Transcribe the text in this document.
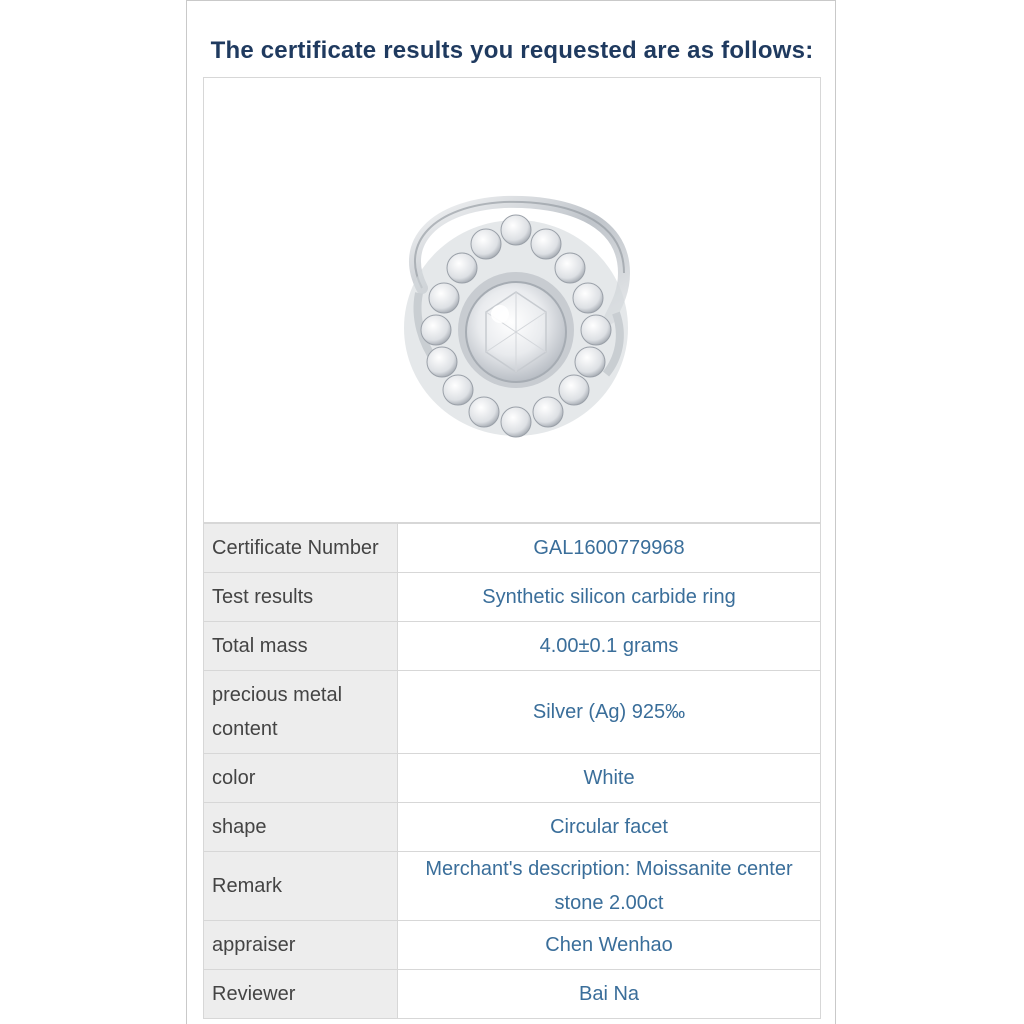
The certificate results you requested are as follows:
Certificate Number	GAL1600779968
Test results	Synthetic silicon carbide ring
Total mass	4.00±0.1 grams
precious metal content	Silver (Ag) 925‰
color	White
shape	Circular facet
Remark	Merchant's description: Moissanite center stone 2.00ct
appraiser	Chen Wenhao
Reviewer	Bai Na
